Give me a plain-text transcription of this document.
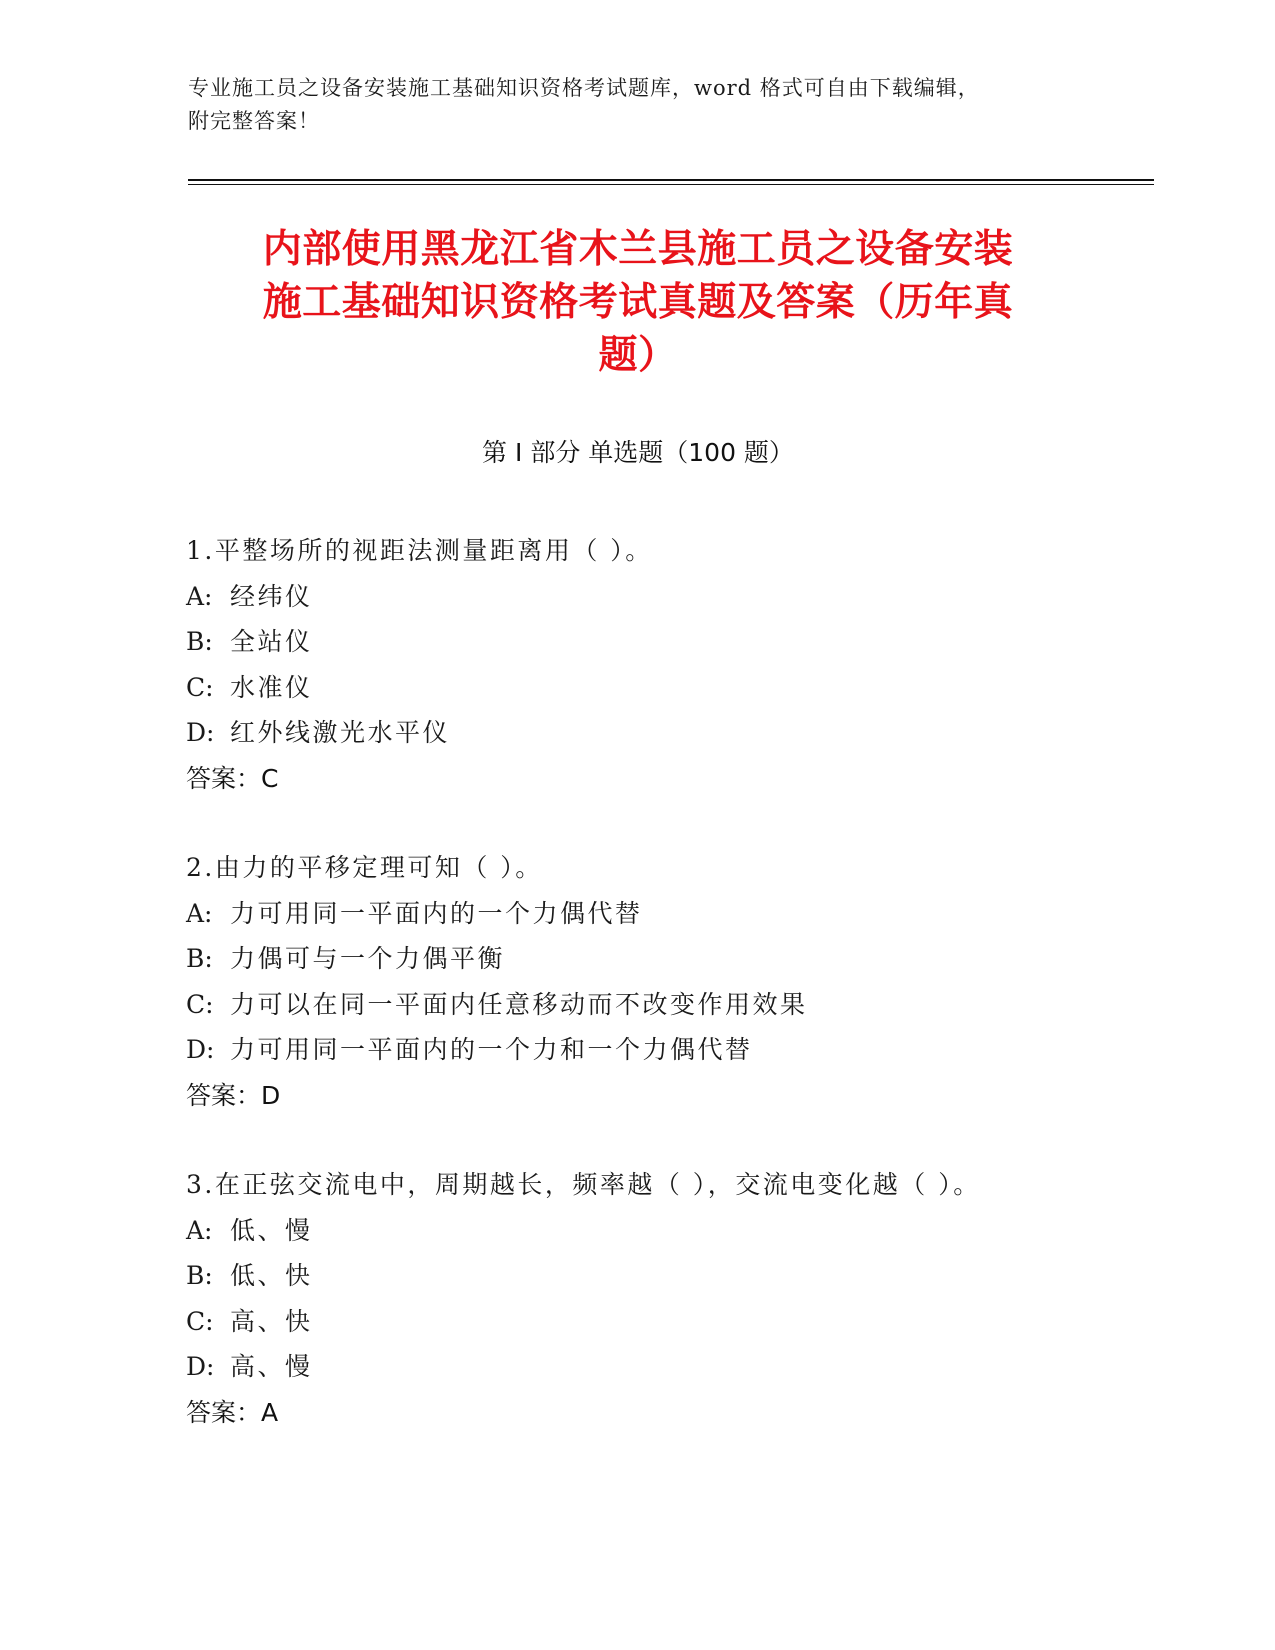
专业施工员之设备安装施工基础知识资格考试题库，word 格式可自由下载编辑，
附完整答案！
内部使用黑龙江省木兰县施工员之设备安装
施工基础知识资格考试真题及答案（历年真
题）
第 I 部分 单选题（100 题）
1.平整场所的视距法测量距离用（ ）。
A: 经纬仪
B: 全站仪
C: 水准仪
D: 红外线激光水平仪
答案：C
2.由力的平移定理可知（ ）。
A: 力可用同一平面内的一个力偶代替
B: 力偶可与一个力偶平衡
C: 力可以在同一平面内任意移动而不改变作用效果
D: 力可用同一平面内的一个力和一个力偶代替
答案：D
3.在正弦交流电中，周期越长，频率越（ ），交流电变化越（ ）。
A: 低、慢
B: 低、快
C: 高、快
D: 高、慢
答案：A
